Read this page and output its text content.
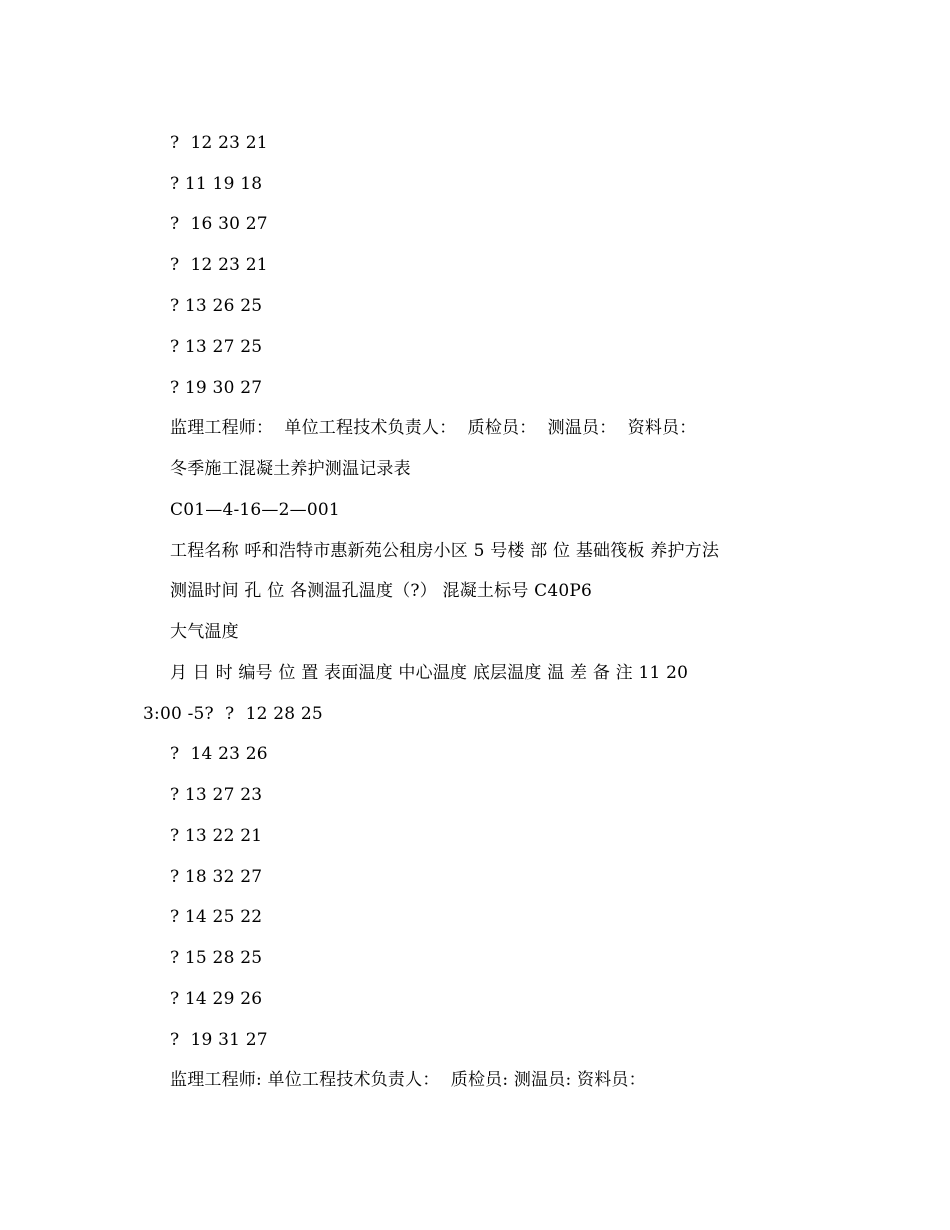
?  12 23 21
? 11 19 18
?  16 30 27
?  12 23 21
? 13 26 25
? 13 27 25
? 19 30 27
监理工程师：  单位工程技术负责人：  质检员：  测温员：  资料员：
冬季施工混凝土养护测温记录表
C01—4-16—2—001
工程名称 呼和浩特市惠新苑公租房小区 5 号楼 部 位 基础筏板 养护方法
测温时间 孔 位 各测温孔温度（?） 混凝土标号 C40P6
大气温度
月 日 时 编号 位 置 表面温度 中心温度 底层温度 温 差 备 注 11 20
3:00 -5?  ?  12 28 25
?  14 23 26
? 13 27 23
? 13 22 21
? 18 32 27
? 14 25 22
? 15 28 25
? 14 29 26
?  19 31 27
监理工程师: 单位工程技术负责人：  质检员: 测温员: 资料员：
